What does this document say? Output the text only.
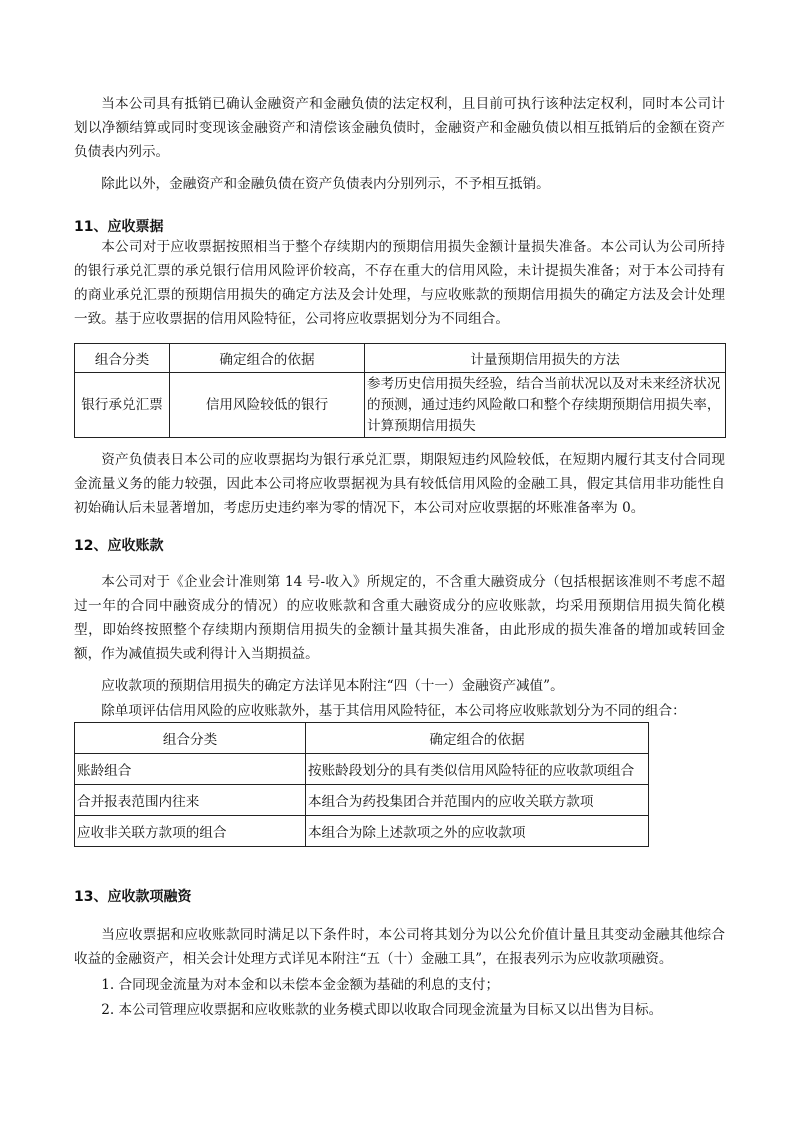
当本公司具有抵销已确认金融资产和金融负债的法定权利，且目前可执行该种法定权利，同时本公司计划以净额结算或同时变现该金融资产和清偿该金融负债时，金融资产和金融负债以相互抵销后的金额在资产负债表内列示。

除此以外，金融资产和金融负债在资产负债表内分别列示，不予相互抵销。

11、应收票据

本公司对于应收票据按照相当于整个存续期内的预期信用损失金额计量损失准备。本公司认为公司所持的银行承兑汇票的承兑银行信用风险评价较高，不存在重大的信用风险，未计提损失准备；对于本公司持有的商业承兑汇票的预期信用损失的确定方法及会计处理，与应收账款的预期信用损失的确定方法及会计处理一致。基于应收票据的信用风险特征，公司将应收票据划分为不同组合。

组合分类	确定组合的依据	计量预期信用损失的方法
银行承兑汇票	信用风险较低的银行	参考历史信用损失经验，结合当前状况以及对未来经济状况的预测，通过违约风险敞口和整个存续期预期信用损失率，计算预期信用损失

资产负债表日本公司的应收票据均为银行承兑汇票，期限短违约风险较低，在短期内履行其支付合同现金流量义务的能力较强，因此本公司将应收票据视为具有较低信用风险的金融工具，假定其信用非功能性自初始确认后未显著增加，考虑历史违约率为零的情况下，本公司对应收票据的坏账准备率为 0。

12、应收账款

本公司对于《企业会计准则第 14 号-收入》所规定的，不含重大融资成分（包括根据该准则不考虑不超过一年的合同中融资成分的情况）的应收账款和含重大融资成分的应收账款，均采用预期信用损失简化模型，即始终按照整个存续期内预期信用损失的金额计量其损失准备，由此形成的损失准备的增加或转回金额，作为减值损失或利得计入当期损益。

应收款项的预期信用损失的确定方法详见本附注“四（十一）金融资产减值”。

除单项评估信用风险的应收账款外，基于其信用风险特征，本公司将应收账款划分为不同的组合：

组合分类	确定组合的依据
账龄组合	按账龄段划分的具有类似信用风险特征的应收款项组合
合并报表范围内往来	本组合为药投集团合并范围内的应收关联方款项
应收非关联方款项的组合	本组合为除上述款项之外的应收款项
13、应收款项融资

当应收票据和应收账款同时满足以下条件时，本公司将其划分为以公允价值计量且其变动金融其他综合收益的金融资产，相关会计处理方式详见本附注“五（十）金融工具”，在报表列示为应收款项融资。

1. 合同现金流量为对本金和以未偿本金金额为基础的利息的支付；

2. 本公司管理应收票据和应收账款的业务模式即以收取合同现金流量为目标又以出售为目标。
